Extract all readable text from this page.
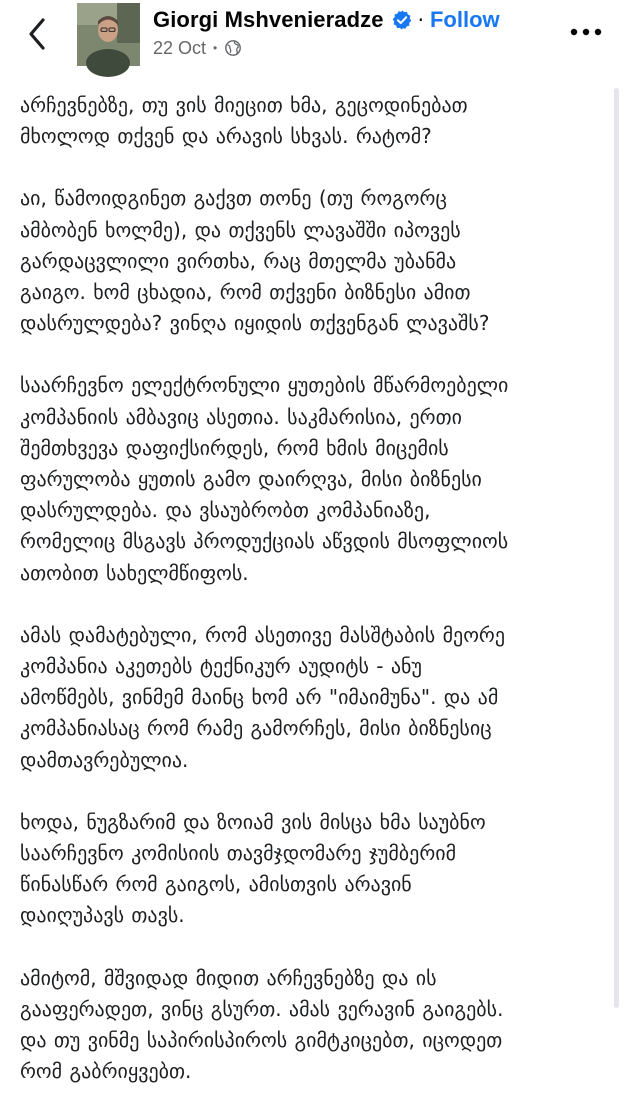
Giorgi Mshvenieradze · Follow
22 Oct •

არჩევნებზე, თუ ვის მიეცით ხმა, გეცოდინებათ
მხოლოდ თქვენ და არავის სხვას. რატომ?

აი, წამოიდგინეთ გაქვთ თონე (თუ როგორც
ამბობენ ხოლმე), და თქვენს ლავაშში იპოვეს
გარდაცვლილი ვირთხა, რაც მთელმა უბანმა
გაიგო. ხომ ცხადია, რომ თქვენი ბიზნესი ამით
დასრულდება? ვინღა იყიდის თქვენგან ლავაშს?

საარჩევნო ელექტრონული ყუთების მწარმოებელი
კომპანიის ამბავიც ასეთია. საკმარისია, ერთი
შემთხვევა დაფიქსირდეს, რომ ხმის მიცემის
ფარულობა ყუთის გამო დაირღვა, მისი ბიზნესი
დასრულდება. და ვსაუბრობთ კომპანიაზე,
რომელიც მსგავს პროდუქციას აწვდის მსოფლიოს
ათობით სახელმწიფოს.

ამას დამატებული, რომ ასეთივე მასშტაბის მეორე
კომპანია აკეთებს ტექნიკურ აუდიტს - ანუ
ამოწმებს, ვინმემ მაინც ხომ არ "იმაიმუნა". და ამ
კომპანიასაც რომ რამე გამორჩეს, მისი ბიზნესიც
დამთავრებულია.

ხოდა, ნუგზარიმ და ზოიამ ვის მისცა ხმა საუბნო
საარჩევნო კომისიის თავმჯდომარე ჯუმბერიმ
წინასწარ რომ გაიგოს, ამისთვის არავინ
დაიღუპავს თავს.

ამიტომ, მშვიდად მიდით არჩევნებზე და ის
გააფერადეთ, ვინც გსურთ. ამას ვერავინ გაიგებს.
და თუ ვინმე საპირისპიროს გიმტკიცებთ, იცოდეთ
რომ გაბრიყვებთ.
